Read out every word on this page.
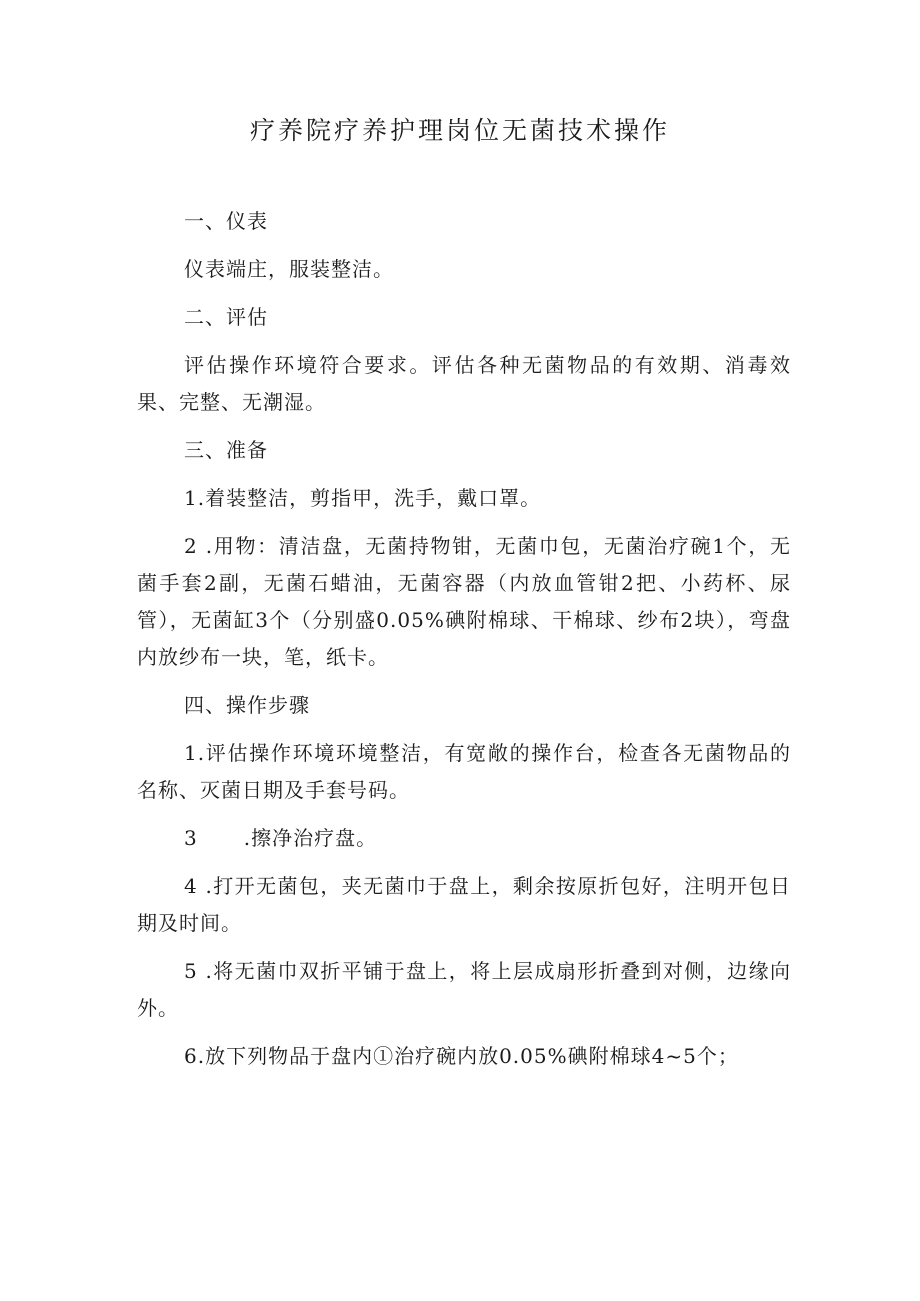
疗养院疗养护理岗位无菌技术操作

一、仪表

仪表端庄，服装整洁。

二、评估

评估操作环境符合要求。评估各种无菌物品的有效期、消毒效果、完整、无潮湿。

三、准备

1.着装整洁，剪指甲，洗手，戴口罩。

2 .用物：清洁盘，无菌持物钳，无菌巾包，无菌治疗碗1个，无菌手套2副，无菌石蜡油，无菌容器（内放血管钳2把、小药杯、尿管），无菌缸3个（分别盛0.05%碘附棉球、干棉球、纱布2块），弯盘内放纱布一块，笔，纸卡。

四、操作步骤

1.评估操作环境环境整洁，有宽敞的操作台，检查各无菌物品的名称、灭菌日期及手套号码。

3 .擦净治疗盘。

4 .打开无菌包，夹无菌巾于盘上，剩余按原折包好，注明开包日期及时间。

5 .将无菌巾双折平铺于盘上，将上层成扇形折叠到对侧，边缘向外。

6.放下列物品于盘内①治疗碗内放0.05%碘附棉球4~5个；
